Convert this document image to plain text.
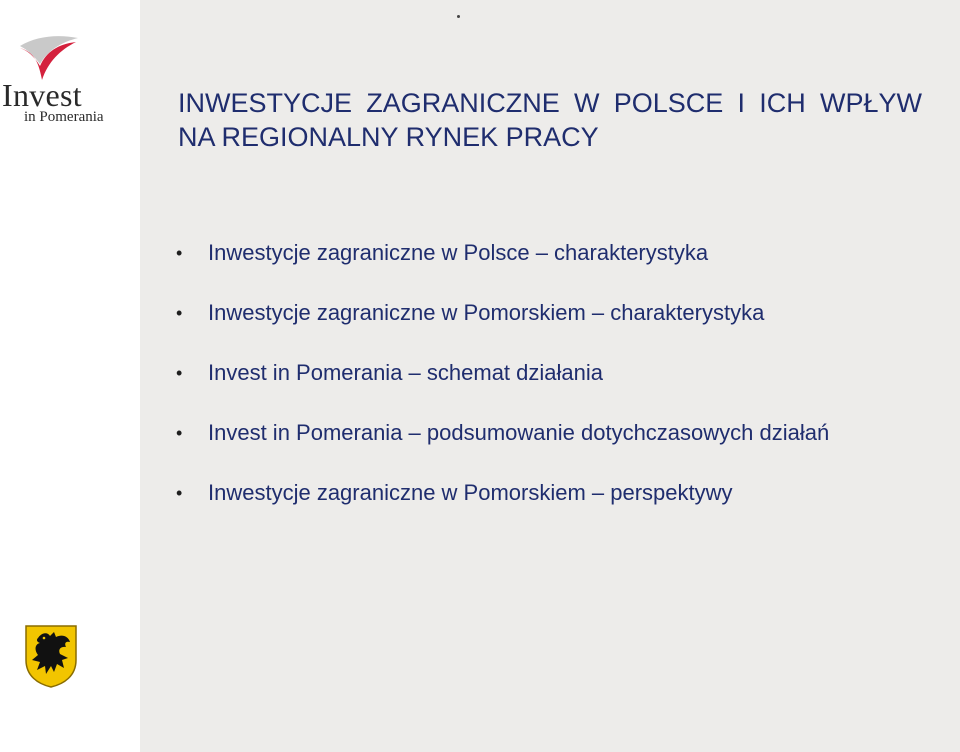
Invest
in Pomerania	INWESTYCJE ZAGRANICZNE W POLSCE I ICH WPŁYW NA REGIONALNY RYNEK PRACY
• Inwestycje zagraniczne w Polsce – charakterystyka
• Inwestycje zagraniczne w Pomorskiem – charakterystyka
• Invest in Pomerania – schemat działania
• Invest in Pomerania – podsumowanie dotychczasowych działań
• Inwestycje zagraniczne w Pomorskiem – perspektywy
